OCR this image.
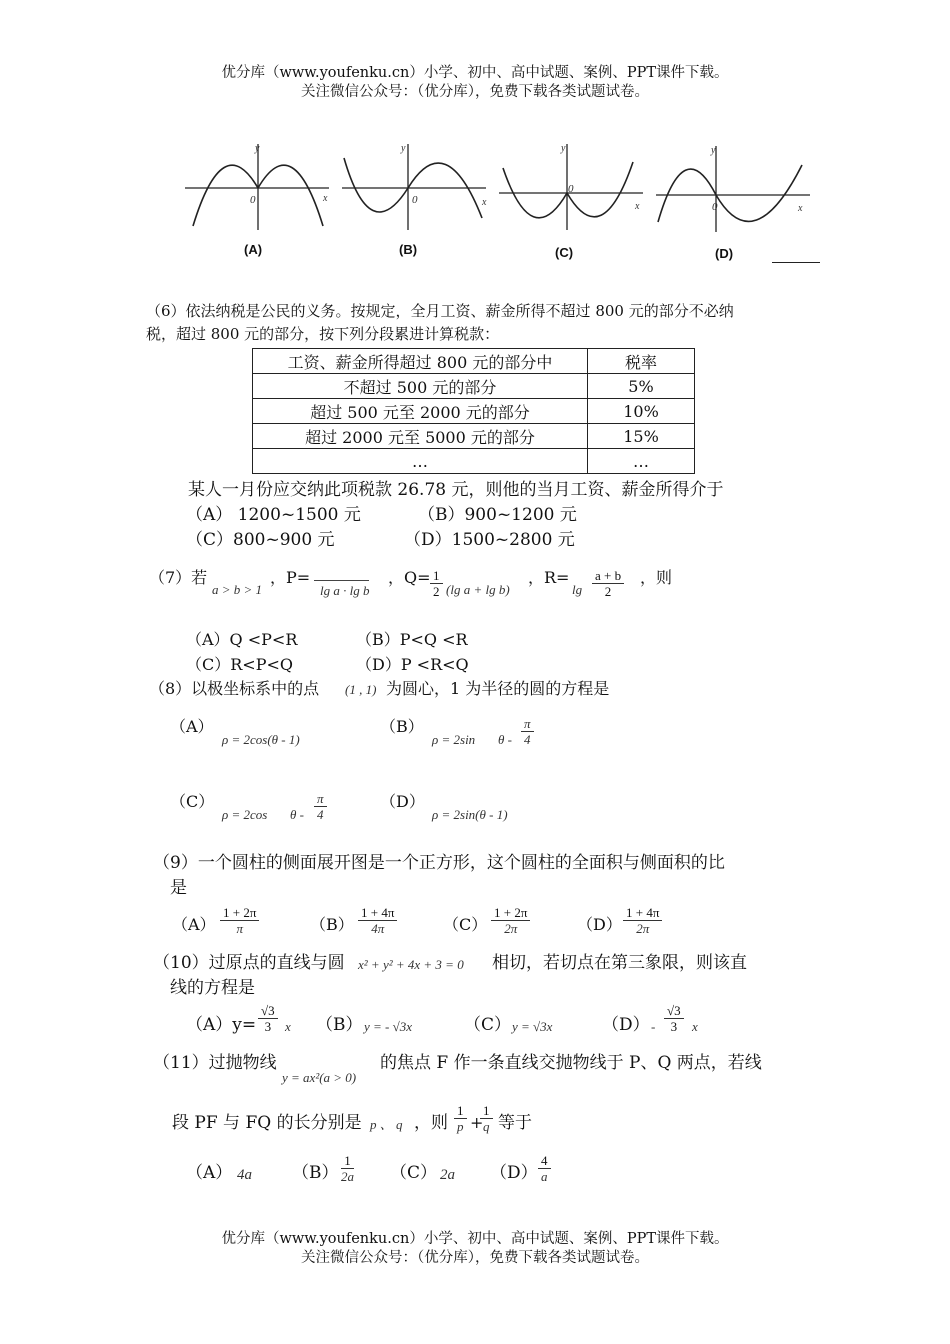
优分库（www.youfenku.cn）小学、初中、高中试题、案例、PPT课件下载。
关注微信公众号：（优分库），免费下载各类试题试卷。
y
x
0
(A)
y
x
0
(B)
y
x
0
(C)
y
x
0
(D)
（6）依法纳税是公民的义务。按规定，全月工资、薪金所得不超过 800 元的部分不必纳
税，超过 800 元的部分，按下列分段累进计算税款：
工资、薪金所得超过 800 元的部分中	税率
不超过 500 元的部分	5%
超过 500 元至 2000 元的部分	10%
超过 2000 元至 5000 元的部分	15%
…	…
某人一月份应交纳此项税款 26.78 元，则他的当月工资、薪金所得介于
（A） 1200~1500 元	（B）900~1200 元
（C）800~900 元	（D）1500~2800 元
（7）若
a > b > 1
，P=
lg a · lg b
，$Q= \frac{1}{2} (\lg$ a + lg b)
，R=
$\lg \frac{a + b}{2}$ ，则
（A）Q <P<R	（B）P<Q <R
（C）R<P<Q	（D）P <R<Q
（8）以极坐标系中的点 (1 , 1) 为圆心，1 为半径的圆的方程是
（A）
ρ = 2cos(θ - 1)
（B）
ρ = 2sin θ - $\frac{\pi}{4}$
（C）
ρ = 2cos θ - $\frac{\pi}{4}$	（D）
ρ = 2sin(θ - 1)
（9）一个圆柱的侧面展开图是一个正方形，这个圆柱的全面积与侧面积的比
是
$(A) \frac{1 + 2\pi}{\pi}$	$(B) \frac{1 + 4\pi}{4\pi}$	$(C) \frac{1 + 2\pi}{2\pi}$	$(D) \frac{1 + 4\pi}{2\pi}$
（10）过原点的直线与圆 x² + y² + 4x + 3 = 0 相切，若切点在第三象限，则该直
线的方程是
$(A)y= \frac{√3}{3}$ x （B） y = - √3x	（C） y = √3x	$(D) - \frac{√3}{3}$ x
（11）过抛物线
y = ax²(a > 0)
的焦点 F 作一条直线交抛物线于 P、Q 两点，若线
段 PF 与 FQ 的长分别是 p 、 q ，则 $\frac{1}{p}$ +
$\frac{1}{q}$ 等于
（A） 4a $(B) \frac{1}{2a} (C)$ 2a $(D) \frac{4}{a}$
优分库（www.youfenku.cn）小学、初中、高中试题、案例、PPT课件下载。
关注微信公众号：（优分库），免费下载各类试题试卷。
